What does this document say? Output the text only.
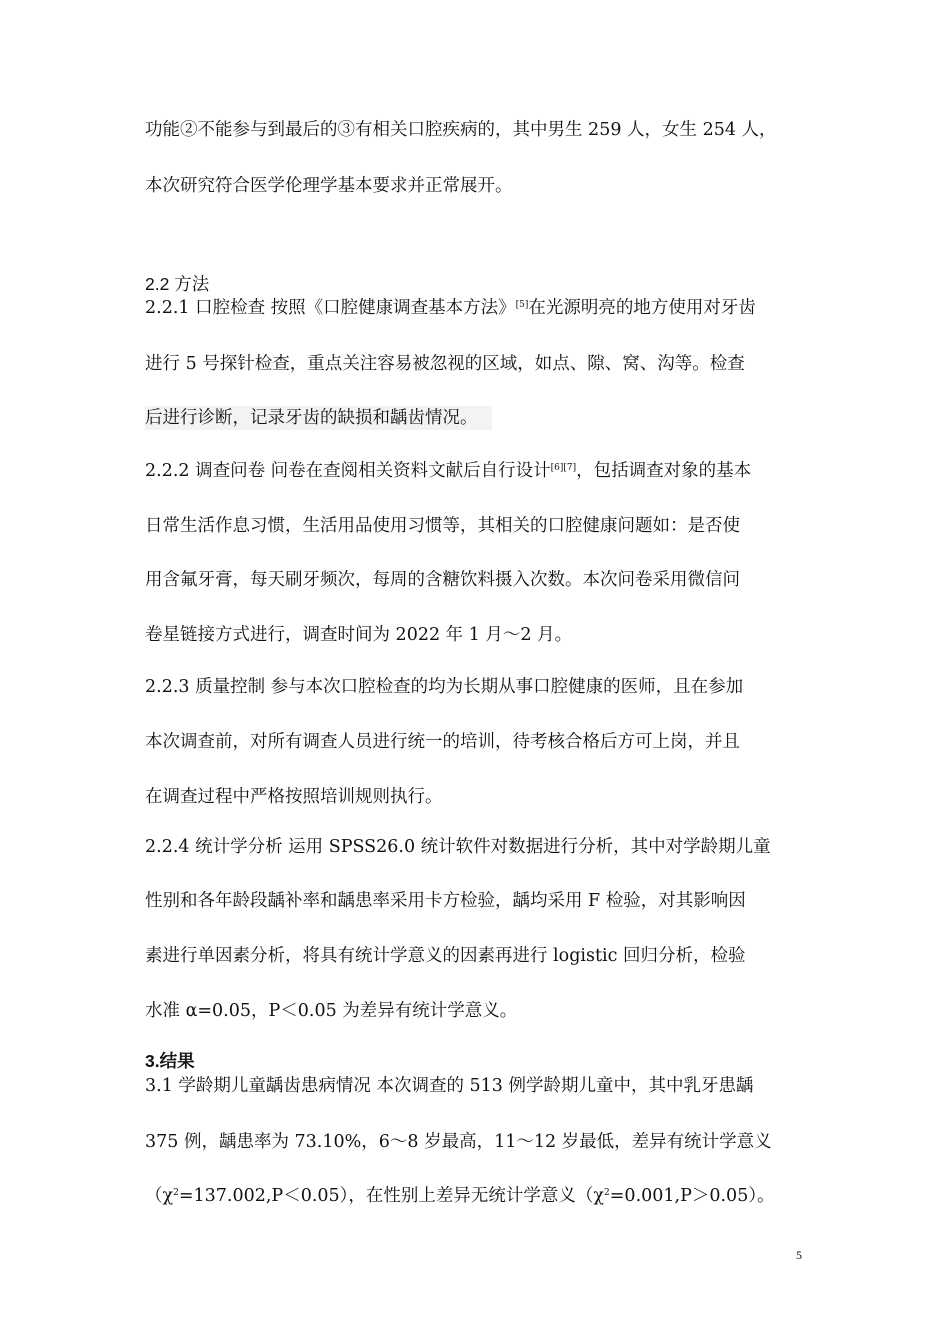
功能②不能参与到最后的③有相关口腔疾病的，其中男生 259 人，女生 254 人，
本次研究符合医学伦理学基本要求并正常展开。
2.2 方法
2.2.1 口腔检查 按照《口腔健康调查基本方法》[5]在光源明亮的地方使用对牙齿
进行 5 号探针检查，重点关注容易被忽视的区域，如点、隙、窝、沟等。检查
后进行诊断，记录牙齿的缺损和龋齿情况。
2.2.2 调查问卷 问卷在查阅相关资料文献后自行设计[6][7]，包括调查对象的基本
日常生活作息习惯，生活用品使用习惯等，其相关的口腔健康问题如：是否使
用含氟牙膏，每天刷牙频次，每周的含糖饮料摄入次数。本次问卷采用微信问
卷星链接方式进行，调查时间为 2022 年 1 月～2 月。
2.2.3 质量控制 参与本次口腔检查的均为长期从事口腔健康的医师，且在参加
本次调查前，对所有调查人员进行统一的培训，待考核合格后方可上岗，并且
在调查过程中严格按照培训规则执行。
2.2.4 统计学分析 运用 SPSS26.0 统计软件对数据进行分析，其中对学龄期儿童
性别和各年龄段龋补率和龋患率采用卡方检验，龋均采用 F 检验，对其影响因
素进行单因素分析，将具有统计学意义的因素再进行 logistic 回归分析，检验
水准 α=0.05，P＜0.05 为差异有统计学意义。
3.结果
3.1 学龄期儿童龋齿患病情况 本次调查的 513 例学龄期儿童中，其中乳牙患龋
375 例，龋患率为 73.10%，6～8 岁最高，11～12 岁最低，差异有统计学意义
$(\chi^2=137.002,P<0.05)$，在性别上差异无统计学意义$(\chi^2=0.001,P>0.05)$。
5
